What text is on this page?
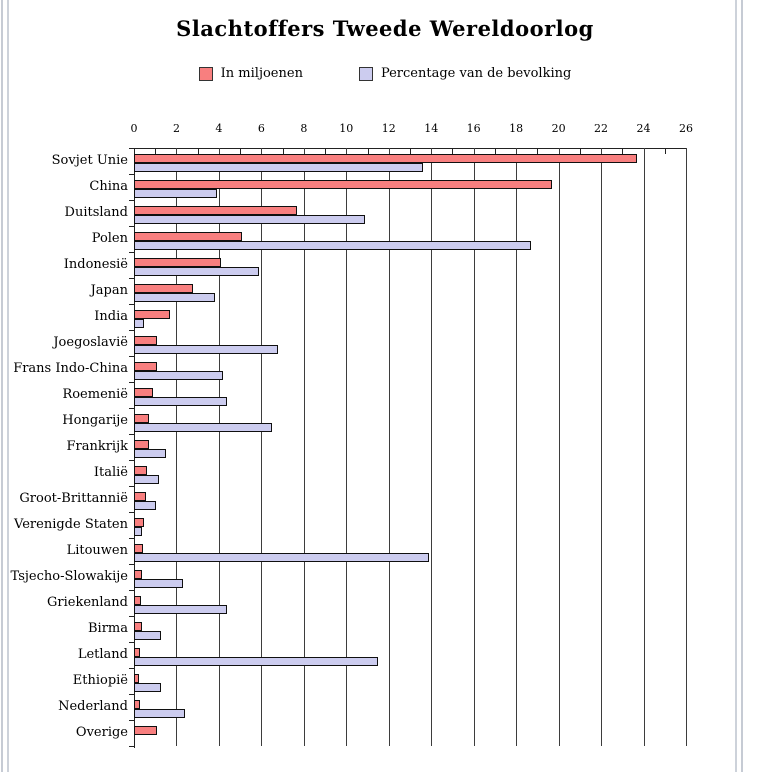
Slachtoffers Tweede Wereldoorlog
In miljoenen	Percentage van de bevolking
0	2	4	6	8	10	12	14	16	18	20	22	24	26
Sovjet Unie
China
Duitsland
Polen
Indonesië
Japan
India
Joegoslavië
Frans Indo-China
Roemenië
Hongarije
Frankrijk
Italië
Groot-Brittannië
Verenigde Staten
Litouwen
Tsjecho-Slowakije
Griekenland
Birma
Letland
Ethiopië
Nederland
Overige
